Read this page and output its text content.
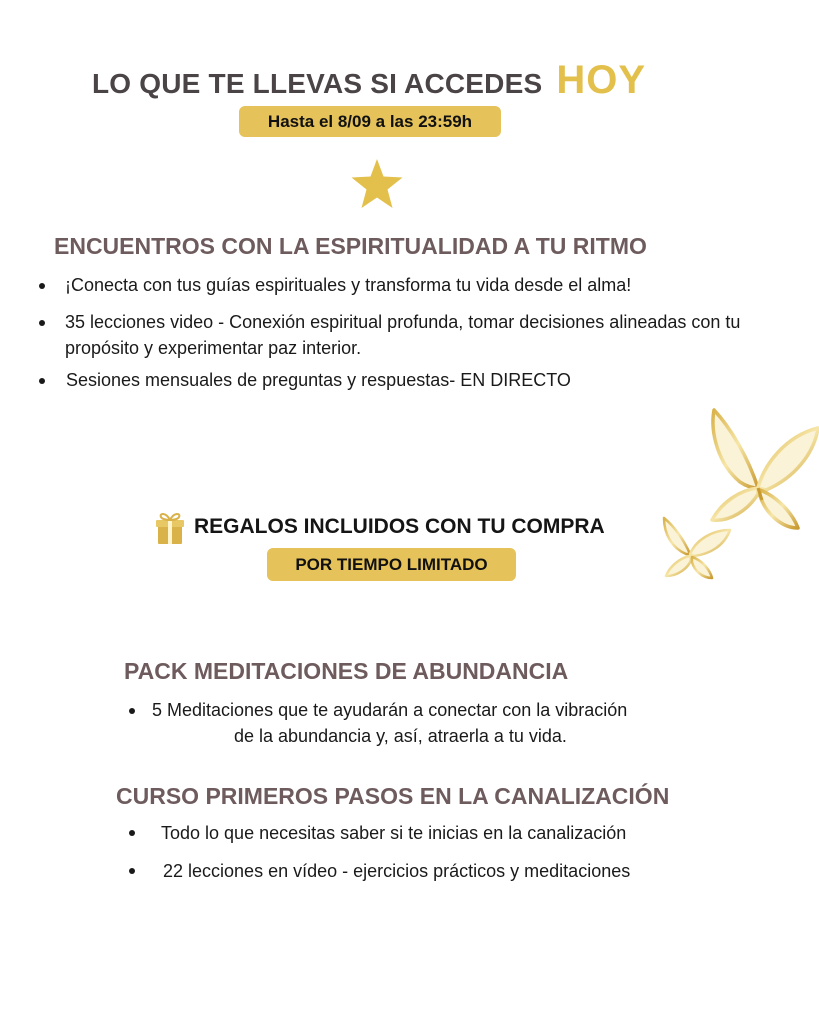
LO QUE TE LLEVAS SI ACCEDES HOY
Hasta el 8/09 a las 23:59h
ENCUENTROS CON LA ESPIRITUALIDAD A TU RITMO
¡Conecta con tus guías espirituales y transforma tu vida desde el alma!
35 lecciones video - Conexión espiritual profunda, tomar decisiones alineadas con tu propósito y experimentar paz interior.
Sesiones mensuales de preguntas y respuestas- EN DIRECTO
REGALOS INCLUIDOS CON TU COMPRA
POR TIEMPO LIMITADO
PACK MEDITACIONES DE ABUNDANCIA
5 Meditaciones que te ayudarán a conectar con la vibración
de la abundancia y, así, atraerla a tu vida.
CURSO PRIMEROS PASOS EN LA CANALIZACIÓN
Todo lo que necesitas saber si te inicias en la canalización
22 lecciones en vídeo - ejercicios prácticos y meditaciones
